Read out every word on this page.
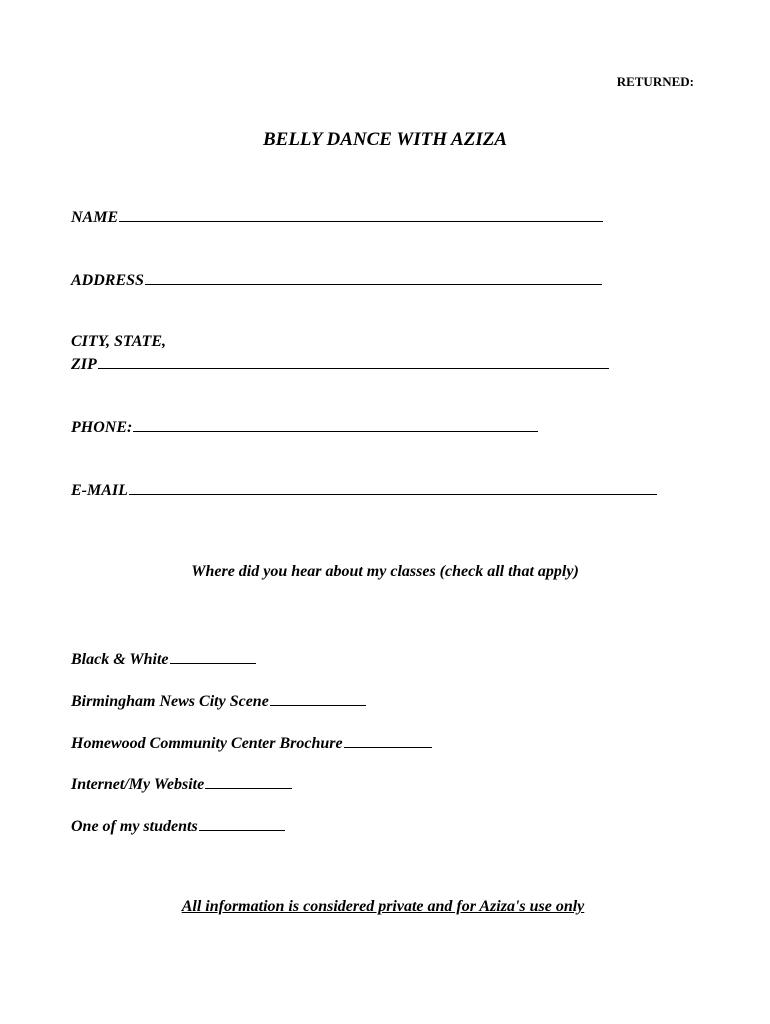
RETURNED:
BELLY DANCE WITH AZIZA
NAME
ADDRESS
CITY, STATE,
ZIP
PHONE:
E-MAIL
Where did you hear about my classes (check all that apply)
Black & White
Birmingham News City Scene
Homewood Community Center Brochure
Internet/My Website
One of my students
All information is considered private and for Aziza's use only
